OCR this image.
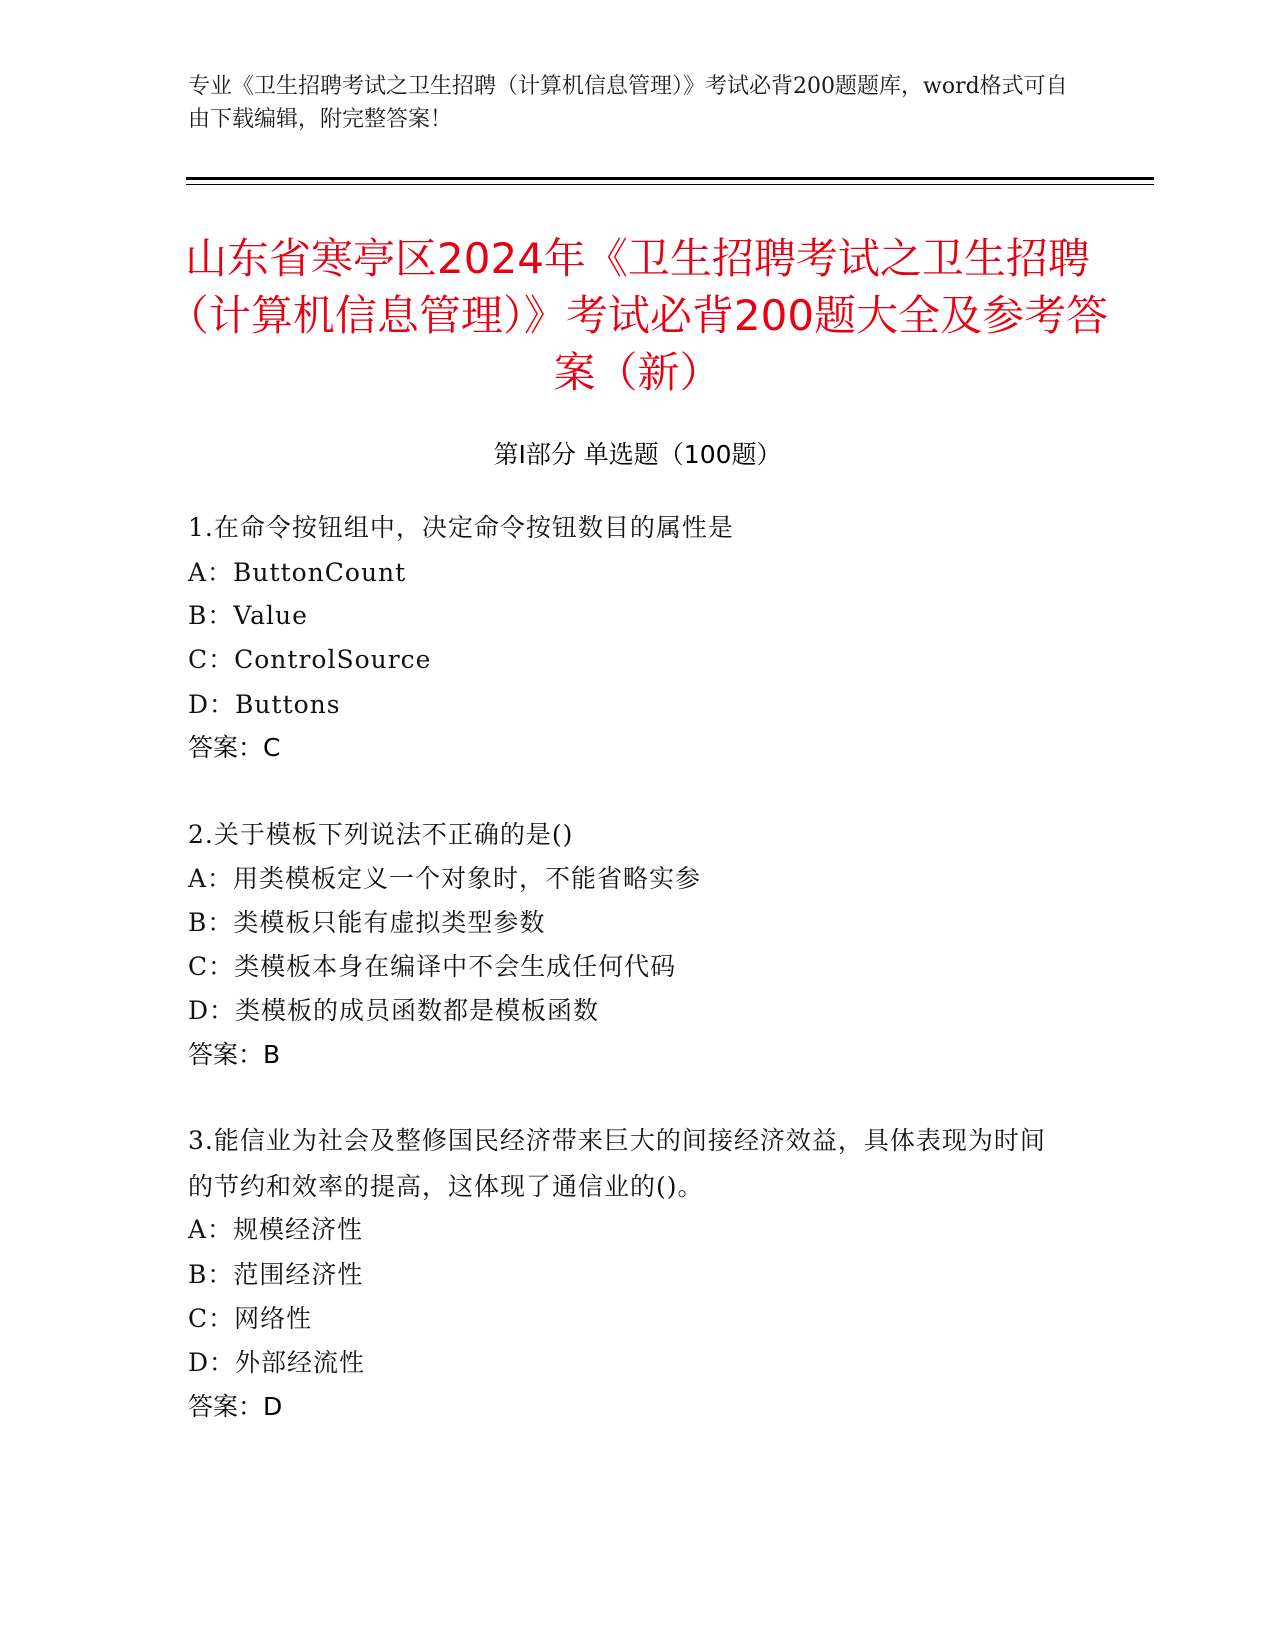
专业《卫生招聘考试之卫生招聘（计算机信息管理）》考试必背200题题库，word格式可自由下载编辑，附完整答案！
山东省寒亭区2024年《卫生招聘考试之卫生招聘（计算机信息管理）》考试必背200题大全及参考答案（新）
第Ⅰ部分 单选题（100题）
1.在命令按钮组中，决定命令按钮数目的属性是
A：ButtonCount
B：Value
C：ControlSource
D：Buttons
答案：C
2.关于模板下列说法不正确的是()
A：用类模板定义一个对象时，不能省略实参
B：类模板只能有虚拟类型参数
C：类模板本身在编译中不会生成任何代码
D：类模板的成员函数都是模板函数
答案：B
3.能信业为社会及整修国民经济带来巨大的间接经济效益，具体表现为时间的节约和效率的提高，这体现了通信业的()。
A：规模经济性
B：范围经济性
C：网络性
D：外部经流性
答案：D
